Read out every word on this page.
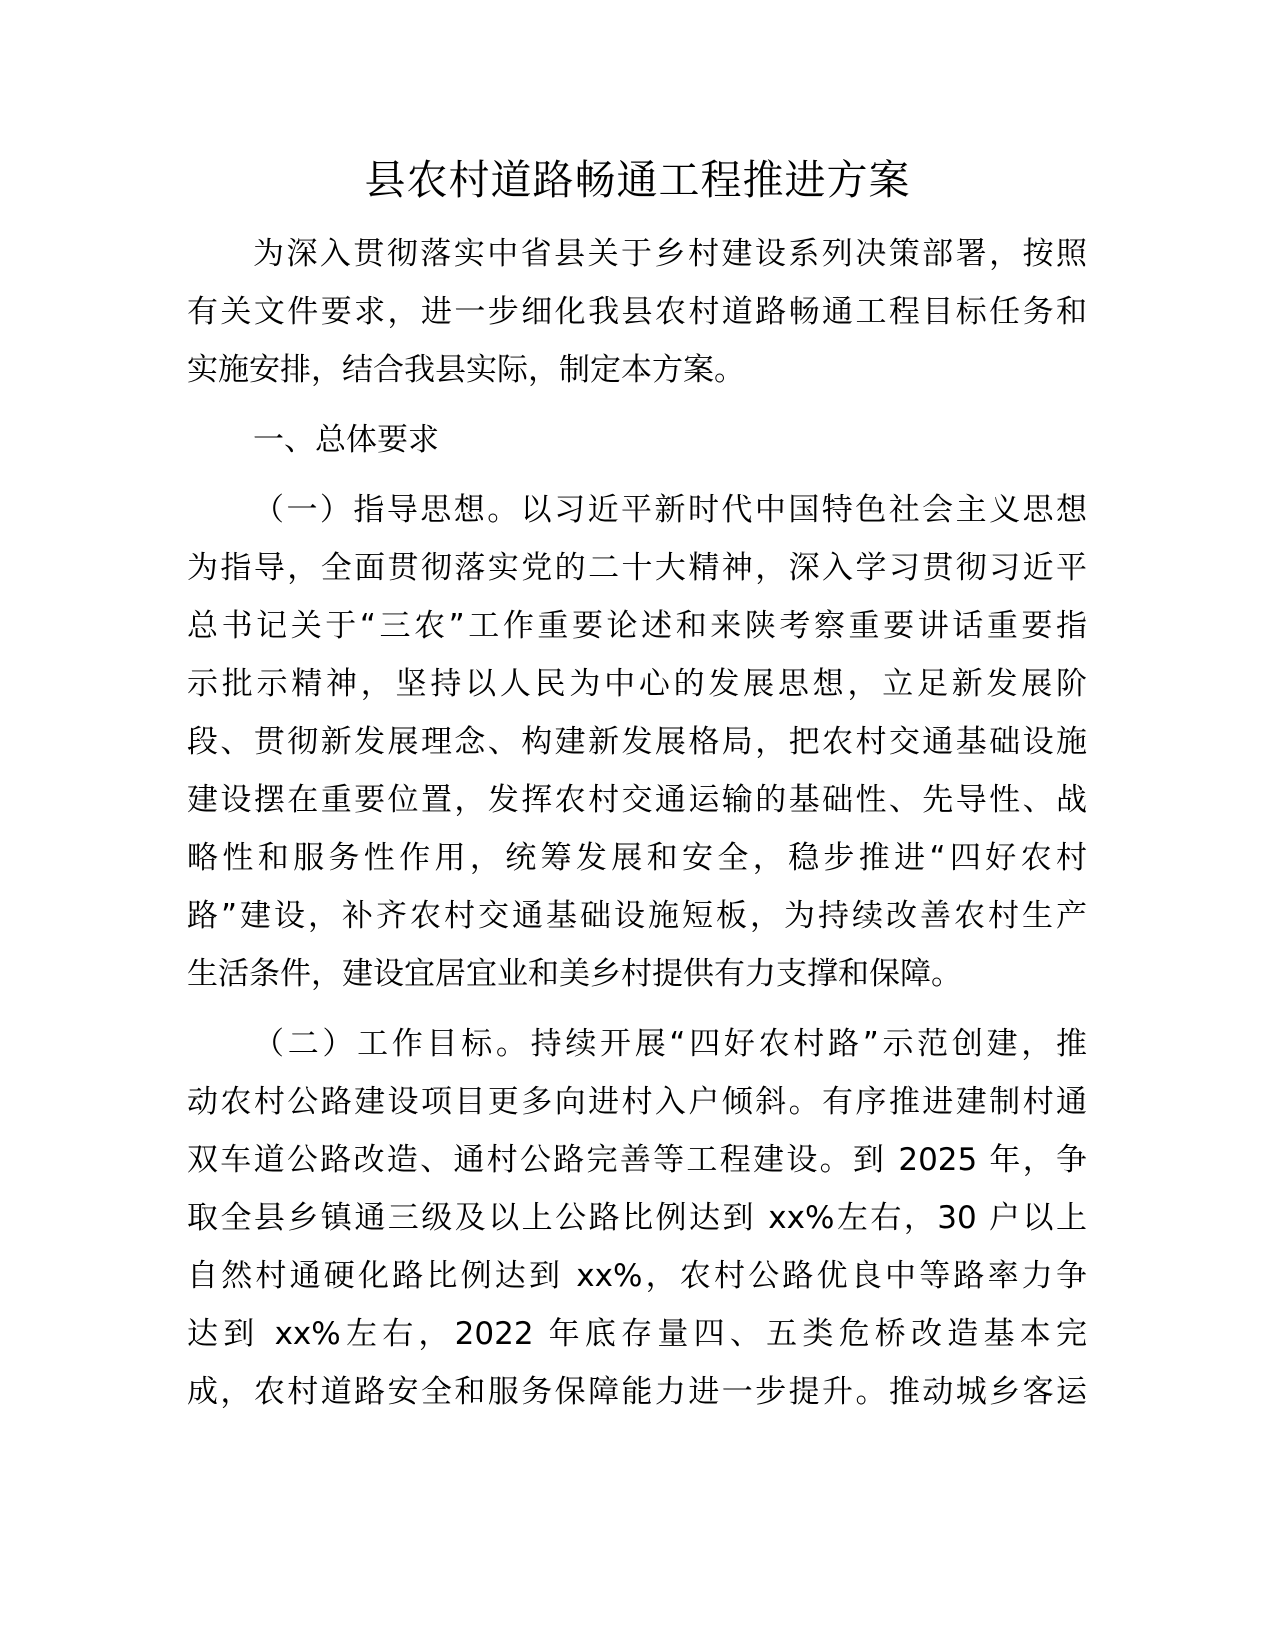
县农村道路畅通工程推进方案
为深入贯彻落实中省县关于乡村建设系列决策部署，按照
有关文件要求，进一步细化我县农村道路畅通工程目标任务和
实施安排，结合我县实际，制定本方案。
一、总体要求
（一）指导思想。以习近平新时代中国特色社会主义思想
为指导，全面贯彻落实党的二十大精神，深入学习贯彻习近平
总书记关于“三农”工作重要论述和来陕考察重要讲话重要指
示批示精神，坚持以人民为中心的发展思想，立足新发展阶
段、贯彻新发展理念、构建新发展格局，把农村交通基础设施
建设摆在重要位置，发挥农村交通运输的基础性、先导性、战
略性和服务性作用，统筹发展和安全，稳步推进“四好农村
路”建设，补齐农村交通基础设施短板，为持续改善农村生产
生活条件，建设宜居宜业和美乡村提供有力支撑和保障。
（二）工作目标。持续开展“四好农村路”示范创建，推
动农村公路建设项目更多向进村入户倾斜。有序推进建制村通
双车道公路改造、通村公路完善等工程建设。到 2025 年，争
取全县乡镇通三级及以上公路比例达到 xx%左右，30 户以上
自然村通硬化路比例达到 xx%，农村公路优良中等路率力争
达到 xx%左右，2022 年底存量四、五类危桥改造基本完
成，农村道路安全和服务保障能力进一步提升。推动城乡客运
